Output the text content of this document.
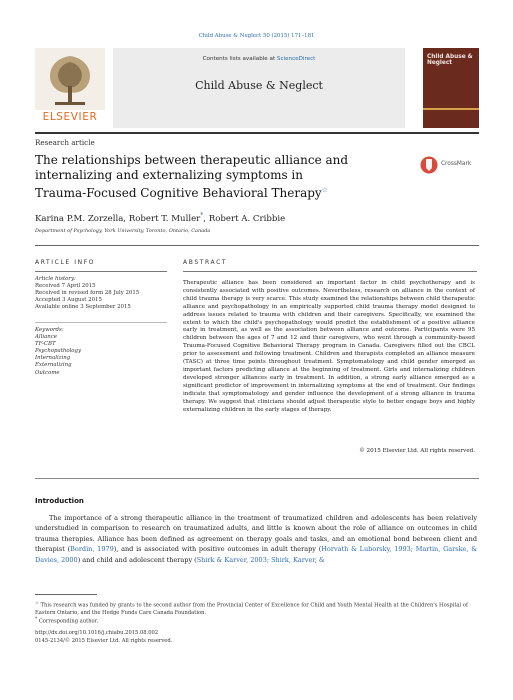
Child Abuse & Neglect 50 (2015) 171–181
ELSEVIER
Contents lists available at ScienceDirect
Child Abuse & Neglect
Child Abuse & Neglect
Research article
The relationships between therapeutic alliance and
internalizing and externalizing symptoms in
Trauma-Focused Cognitive Behavioral Therapy☆
CrossMark
Karina P.M. Zorzella, Robert T. Muller*, Robert A. Cribbie
Department of Psychology, York University, Toronto, Ontario, Canada
ARTICLE INFO
Article history:
Received 7 April 2015
Received in revised form 28 July 2015
Accepted 3 August 2015
Available online 3 September 2015
Keywords:
Alliance
TF-CBT
Psychopathology
Internalizing
Externalizing
Outcome
ABSTRACT
Therapeutic alliance has been considered an important factor in child psychotherapy and is consistently associated with positive outcomes. Nevertheless, research on alliance in the context of child trauma therapy is very scarce. This study examined the relationships between child therapeutic alliance and psychopathology in an empirically supported child trauma therapy model designed to address issues related to trauma with children and their caregivers. Specifically, we examined the extent to which the child's psychopathology would predict the establishment of a positive alliance early in treatment, as well as the association between alliance and outcome. Participants were 95 children between the ages of 7 and 12 and their caregivers, who went through a community-based Trauma-Focused Cognitive Behavioral Therapy program in Canada. Caregivers filled out the CBCL prior to assessment and following treatment. Children and therapists completed an alliance measure (TASC) at three time points throughout treatment. Symptomatology and child gender emerged as important factors predicting alliance at the beginning of treatment. Girls and internalizing children developed stronger alliances early in treatment. In addition, a strong early alliance emerged as a significant predictor of improvement in internalizing symptoms at the end of treatment. Our findings indicate that symptomatology and gender influence the development of a strong alliance in trauma therapy. We suggest that clinicians should adjust therapeutic style to better engage boys and highly externalizing children in the early stages of therapy.
© 2015 Elsevier Ltd. All rights reserved.
Introduction
The importance of a strong therapeutic alliance in the treatment of traumatized children and adolescents has been relatively understudied in comparison to research on traumatized adults, and little is known about the role of alliance on outcomes in child trauma therapies. Alliance has been defined as agreement on therapy goals and tasks, and an emotional bond between client and therapist (Bordin, 1979), and is associated with positive outcomes in adult therapy (Horvath & Luborsky, 1993; Martin, Garske, & Davies, 2000) and child and adolescent therapy (Shirk & Karver, 2003; Shirk, Karver, &
☆ This research was funded by grants to the second author from the Provincial Center of Excellence for Child and Youth Mental Health at the Children's Hospital of Eastern Ontario, and the Hedge Funds Care Canada Foundation.
* Corresponding author.
http://dx.doi.org/10.1016/j.chiabu.2015.08.002
0145-2134/© 2015 Elsevier Ltd. All rights reserved.
